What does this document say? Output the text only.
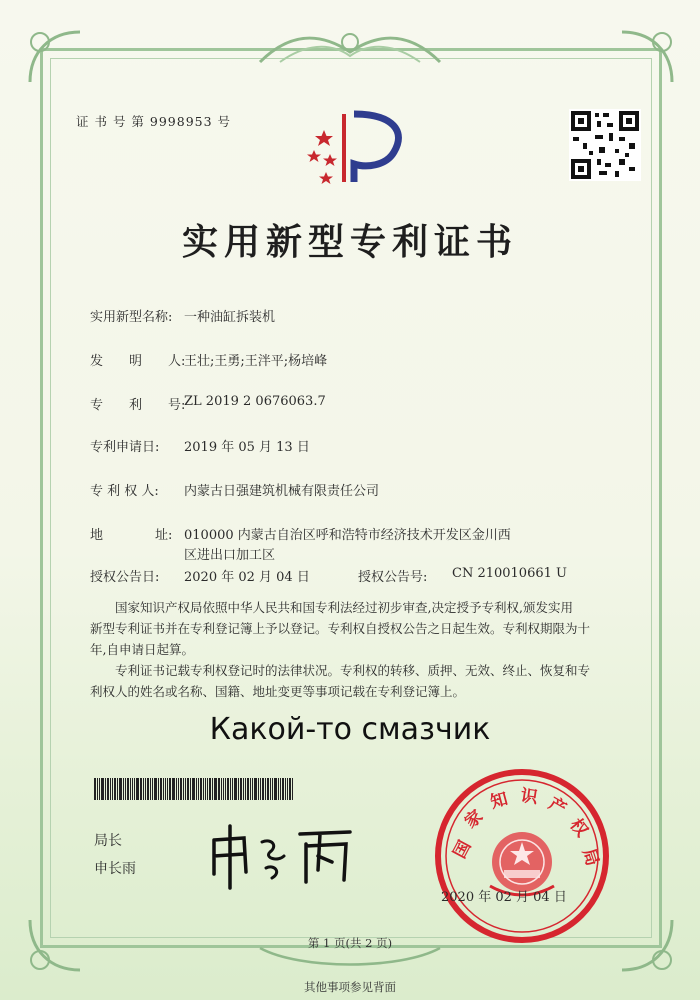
证 书 号 第 9998953 号
实用新型专利证书
实用新型名称: 一种油缸拆装机
发　　明　　人:
王壮;王勇;王泮平;杨培峰
专　　利　　号:
ZL 2019 2 0676063.7
专利申请日: 2019 年 05 月 13 日
专 利 权 人: 内蒙古日强建筑机械有限责任公司
地　　　　址: 010000 内蒙古自治区呼和浩特市经济技术开发区金川西
区进出口加工区
授权公告日: 2020 年 02 月 04 日	授权公告号: CN 210010661 U
　　国家知识产权局依照中华人民共和国专利法经过初步审查,决定授予专利权,颁发实用
新型专利证书并在专利登记簿上予以登记。专利权自授权公告之日起生效。专利权期限为十
年,自申请日起算。
　　专利证书记载专利权登记时的法律状况。专利权的转移、质押、无效、终止、恢复和专
利权人的姓名或名称、国籍、地址变更等事项记载在专利登记簿上。
Какой-то смазчик
局长
申长雨
国
家
知 识 产
权
局
2020 年 02 月 04 日
第 1 页(共 2 页)
其他事项参见背面
